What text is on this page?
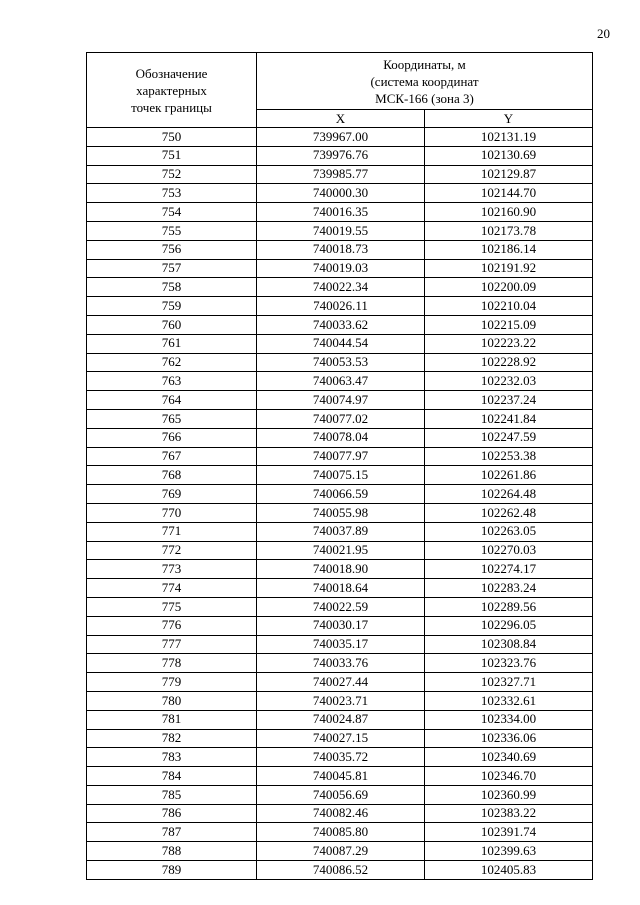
20
Обозначение
характерных
точек границы	Координаты, м
(система координат
МСК-166 (зона 3)	

	X	Y
750	739967.00	102131.19
751	739976.76	102130.69
752	739985.77	102129.87
753	740000.30	102144.70
754	740016.35	102160.90
755	740019.55	102173.78
756	740018.73	102186.14
757	740019.03	102191.92
758	740022.34	102200.09
759	740026.11	102210.04
760	740033.62	102215.09
761	740044.54	102223.22
762	740053.53	102228.92
763	740063.47	102232.03
764	740074.97	102237.24
765	740077.02	102241.84
766	740078.04	102247.59
767	740077.97	102253.38
768	740075.15	102261.86
769	740066.59	102264.48
770	740055.98	102262.48
771	740037.89	102263.05
772	740021.95	102270.03
773	740018.90	102274.17
774	740018.64	102283.24
775	740022.59	102289.56
776	740030.17	102296.05
777	740035.17	102308.84
778	740033.76	102323.76
779	740027.44	102327.71
780	740023.71	102332.61
781	740024.87	102334.00
782	740027.15	102336.06
783	740035.72	102340.69
784	740045.81	102346.70
785	740056.69	102360.99
786	740082.46	102383.22
787	740085.80	102391.74
788	740087.29	102399.63
789	740086.52	102405.83
